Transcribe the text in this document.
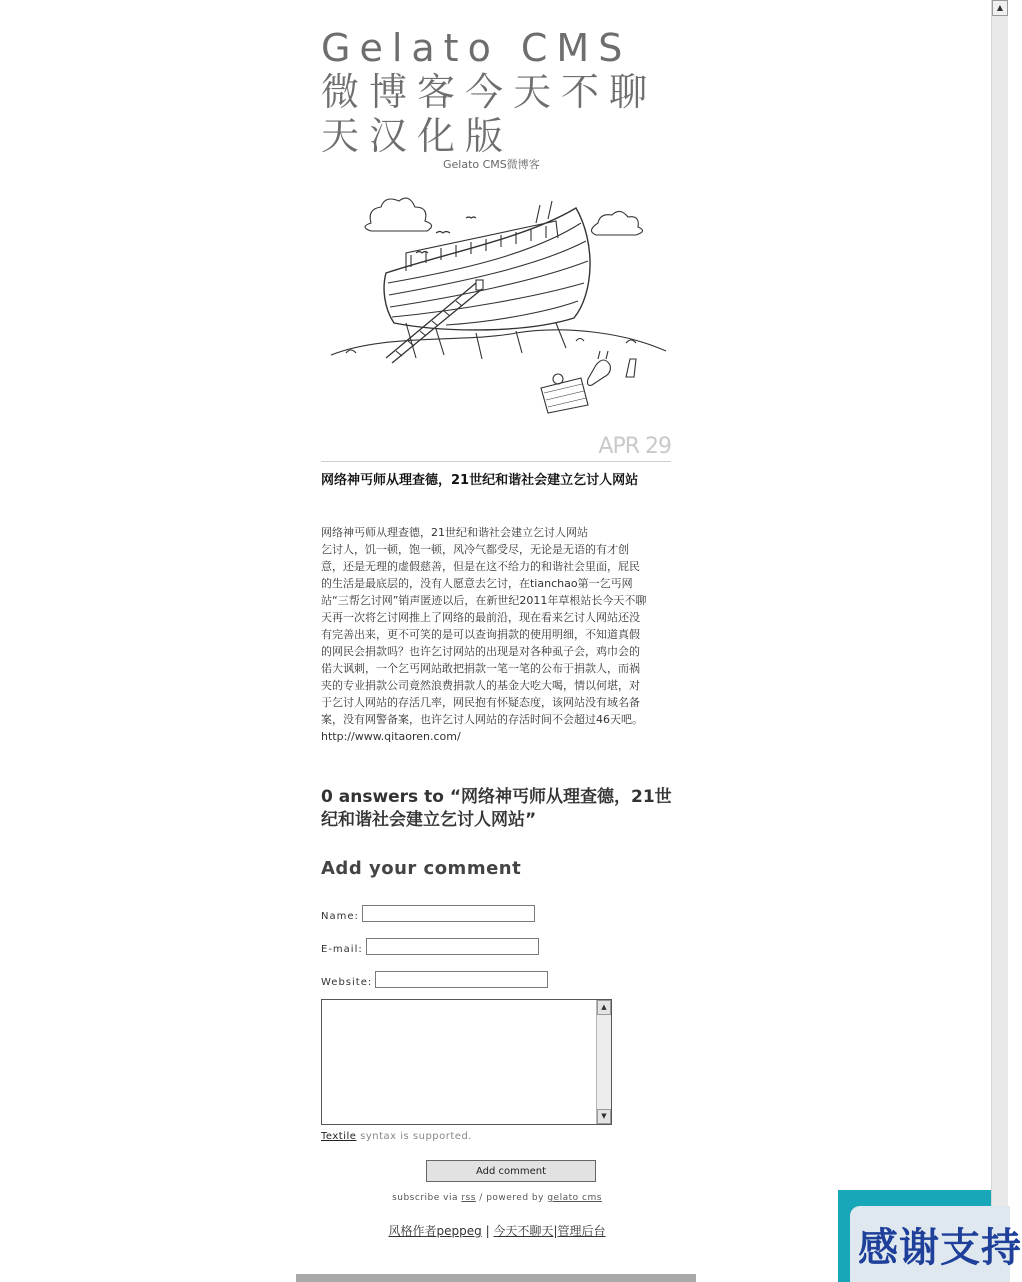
▲
Gelato CMS
微博客今天不聊
天汉化版
Gelato CMS微博客
APR 29
网络神丐师从理查德，21世纪和谐社会建立乞讨人网站

网络神丐师从理查德，21世纪和谐社会建立乞讨人网站

乞讨人，饥一顿，饱一顿，风冷气都受尽，无论是无语的有才创

意，还是无理的虚假慈善，但是在这不给力的和谐社会里面，屁民

的生活是最底层的，没有人愿意去乞讨，在tianchao第一乞丐网

站“三帮乞讨网”销声匿迹以后，在新世纪2011年草根站长今天不聊

天再一次将乞讨网推上了网络的最前沿，现在看来乞讨人网站还没

有完善出来，更不可笑的是可以查询捐款的使用明细，不知道真假

的网民会捐款吗？也许乞讨网站的出现是对各种虱子会，鸡巾会的

偌大讽刺，一个乞丐网站敢把捐款一笔一笔的公布于捐款人，而祸

夹的专业捐款公司竟然浪费捐款人的基金大吃大喝，情以何堪，对

于乞讨人网站的存活几率，网民抱有怀疑态度，该网站没有域名备

案，没有网警备案，也许乞讨人网站的存活时间不会超过46天吧。

http://www.qitaoren.com/

0 answers to “网络神丐师从理查德，21世纪和谐社会建立乞讨人网站”
Add your comment
Name:
E-mail:
Website:
▲
▼
Textile syntax is supported.
Add comment
subscribe via rss / powered by gelato cms
风格作者peppeg | 今天不聊天|管理后台	感谢支持
